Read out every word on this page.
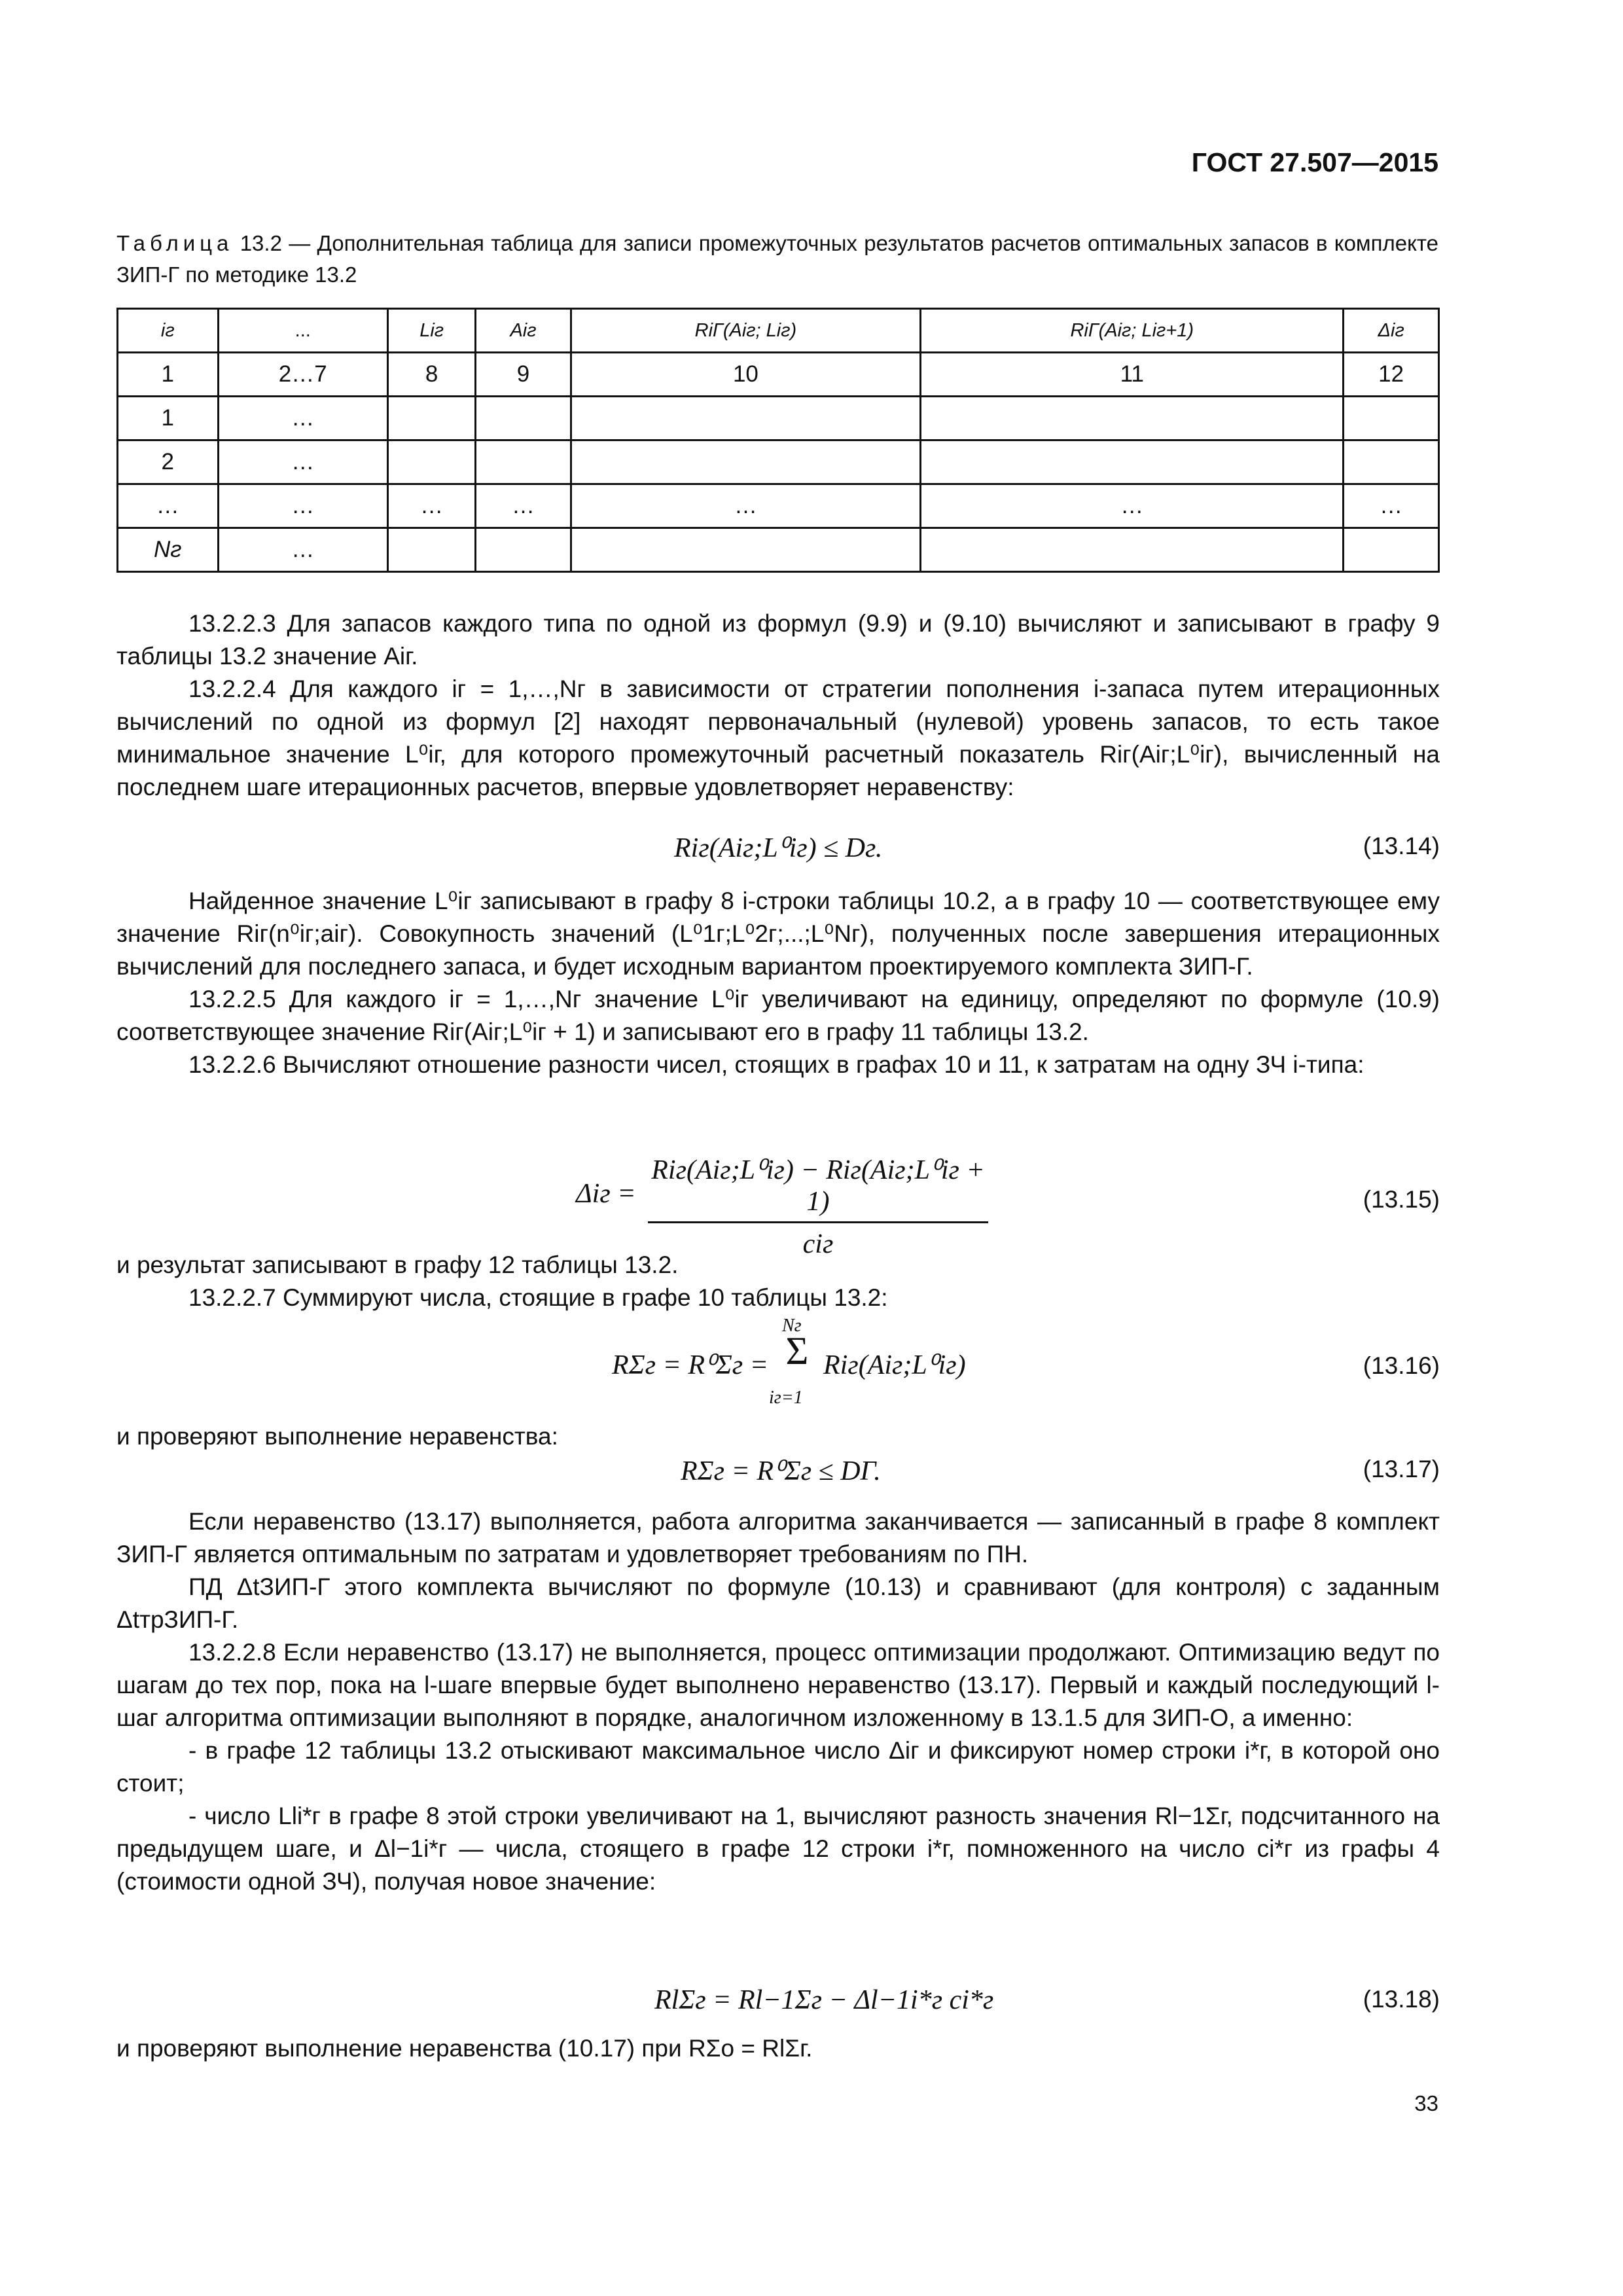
ГОСТ 27.507—2015
Таблица 13.2 — Дополнительная таблица для записи промежуточных результатов расчетов оптимальных запасов в комплекте ЗИП-Г по методике 13.2
iг	...	Liг	Aiг	RiГ(Aiг; Liг)	RiГ(Aiг; Liг+1)	Δiг
1	2…7	8	9	10	11	12
1	…					
2	…					
…	…	…	…	…	…	…
Nг	…					

13.2.2.3 Для запасов каждого типа по одной из формул (9.9) и (9.10) вычисляют и записывают в графу 9 таблицы 13.2 значение Aiг.

13.2.2.4 Для каждого iг = 1,…,Nг в зависимости от стратегии пополнения i-запаса путем итерационных вычислений по одной из формул [2] находят первоначальный (нулевой) уровень запасов, то есть такое минимальное значение L⁰iг, для которого промежуточный расчетный показатель Riг(Aiг;L⁰iг), вычисленный на последнем шаге итерационных расчетов, впервые удовлетворяет неравенству:

Riг(Aiг;L⁰iг) ≤ Dг.	(13.14)

Найденное значение L⁰iг записывают в графу 8 i-строки таблицы 10.2, а в графу 10 — соответствующее ему значение Riг(n⁰iг;aiг). Совокупность значений (L⁰1г;L⁰2г;...;L⁰Nг), полученных после завершения итерационных вычислений для последнего запаса, и будет исходным вариантом проектируемого комплекта ЗИП-Г.

13.2.2.5 Для каждого iг = 1,…,Nг значение L⁰iг увеличивают на единицу, определяют по формуле (10.9) соответствующее значение Riг(Aiг;L⁰iг + 1) и записывают его в графу 11 таблицы 13.2.

13.2.2.6 Вычисляют отношение разности чисел, стоящих в графах 10 и 11, к затратам на одну ЗЧ i-типа:

Δiг =
Riг(Aiг;L⁰iг) − Riг(Aiг;L⁰iг + 1)
ciг
(13.15)

и результат записывают в графу 12 таблицы 13.2.

13.2.2.7 Суммируют числа, стоящие в графе 10 таблицы 13.2:

RΣг = R⁰Σг =
Nг
Σ
iг=1
Riг(Aiг;L⁰iг)	(13.16)

и проверяют выполнение неравенства:

RΣг = R⁰Σг ≤ DГ.	(13.17)

Если неравенство (13.17) выполняется, работа алгоритма заканчивается — записанный в графе 8 комплект ЗИП-Г является оптимальным по затратам и удовлетворяет требованиям по ПН.

ПД ΔtЗИП-Г этого комплекта вычисляют по формуле (10.13) и сравнивают (для контроля) с заданным ΔtтрЗИП-Г.

13.2.2.8 Если неравенство (13.17) не выполняется, процесс оптимизации продолжают. Оптимизацию ведут по шагам до тех пор, пока на l-шаге впервые будет выполнено неравенство (13.17). Первый и каждый последующий l-шаг алгоритма оптимизации выполняют в порядке, аналогичном изложенному в 13.1.5 для ЗИП-О, а именно:

- в графе 12 таблицы 13.2 отыскивают максимальное число Δiг и фиксируют номер строки i*г, в которой оно стоит;

- число Lli*г в графе 8 этой строки увеличивают на 1, вычисляют разность значения Rl−1Σг, подсчитанного на предыдущем шаге, и Δl−1i*г — числа, стоящего в графе 12 строки i*г, помноженного на число ci*г из графы 4 (стоимости одной ЗЧ), получая новое значение:

RlΣг = Rl−1Σг − Δl−1i*г ci*г	(13.18)

и проверяют выполнение неравенства (10.17) при RΣo = RlΣг.

33
